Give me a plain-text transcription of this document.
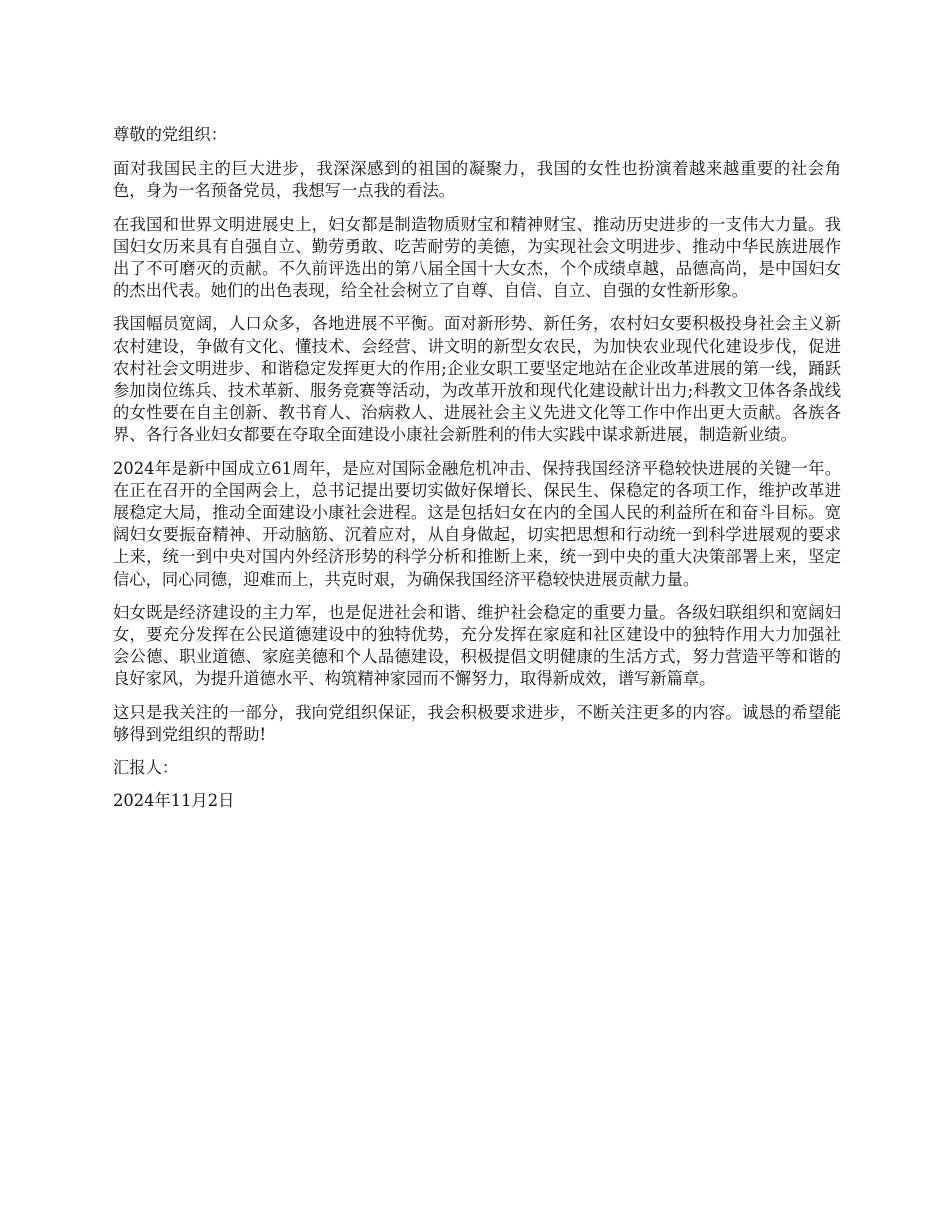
尊敬的党组织：

面对我国民主的巨大进步，我深深感到的祖国的凝聚力，我国的女性也扮演着越来越重要的社会角色，身为一名预备党员，我想写一点我的看法。

在我国和世界文明进展史上，妇女都是制造物质财宝和精神财宝、推动历史进步的一支伟大力量。我国妇女历来具有自强自立、勤劳勇敢、吃苦耐劳的美德，为实现社会文明进步、推动中华民族进展作出了不可磨灭的贡献。不久前评选出的第八届全国十大女杰，个个成绩卓越，品德高尚，是中国妇女的杰出代表。她们的出色表现，给全社会树立了自尊、自信、自立、自强的女性新形象。

我国幅员宽阔，人口众多，各地进展不平衡。面对新形势、新任务，农村妇女要积极投身社会主义新农村建设，争做有文化、懂技术、会经营、讲文明的新型女农民，为加快农业现代化建设步伐，促进农村社会文明进步、和谐稳定发挥更大的作用;企业女职工要坚定地站在企业改革进展的第一线，踊跃参加岗位练兵、技术革新、服务竞赛等活动，为改革开放和现代化建设献计出力;科教文卫体各条战线的女性要在自主创新、教书育人、治病救人、进展社会主义先进文化等工作中作出更大贡献。各族各界、各行各业妇女都要在夺取全面建设小康社会新胜利的伟大实践中谋求新进展，制造新业绩。

2024年是新中国成立61周年，是应对国际金融危机冲击、保持我国经济平稳较快进展的关键一年。在正在召开的全国两会上，总书记提出要切实做好保增长、保民生、保稳定的各项工作，维护改革进展稳定大局，推动全面建设小康社会进程。这是包括妇女在内的全国人民的利益所在和奋斗目标。宽阔妇女要振奋精神、开动脑筋、沉着应对，从自身做起，切实把思想和行动统一到科学进展观的要求上来，统一到中央对国内外经济形势的科学分析和推断上来，统一到中央的重大决策部署上来，坚定信心，同心同德，迎难而上，共克时艰，为确保我国经济平稳较快进展贡献力量。

妇女既是经济建设的主力军，也是促进社会和谐、维护社会稳定的重要力量。各级妇联组织和宽阔妇女，要充分发挥在公民道德建设中的独特优势，充分发挥在家庭和社区建设中的独特作用大力加强社会公德、职业道德、家庭美德和个人品德建设，积极提倡文明健康的生活方式，努力营造平等和谐的良好家风，为提升道德水平、构筑精神家园而不懈努力，取得新成效，谱写新篇章。

这只是我关注的一部分，我向党组织保证，我会积极要求进步，不断关注更多的内容。诚恳的希望能够得到党组织的帮助!

汇报人：

2024年11月2日
